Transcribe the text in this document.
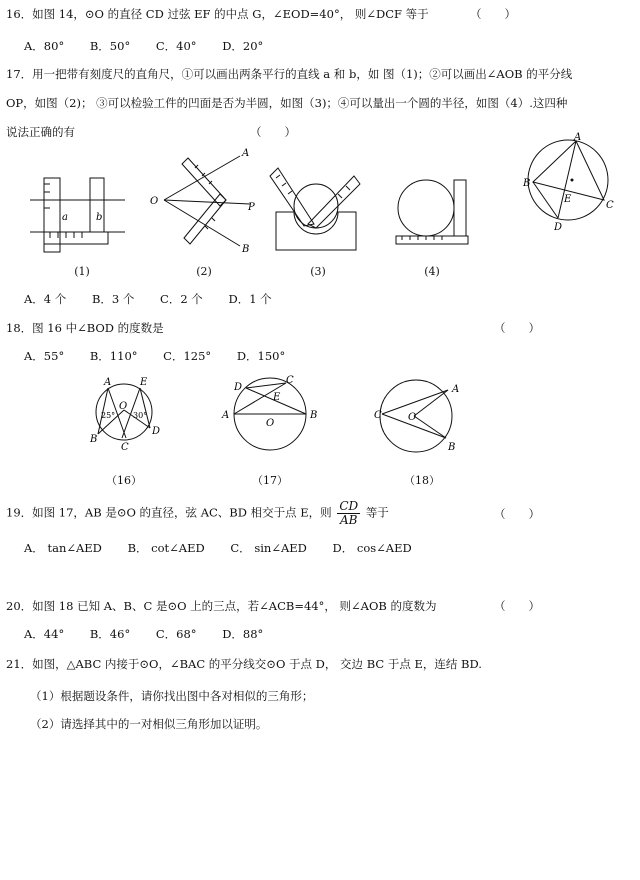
16．如图 14，⊙O 的直径 CD 过弦 EF 的中点 G，∠EOD=40°， 则∠DCF 等于	（　　）
A．80° B．50° C．40° D．20°
17．用一把带有刻度尺的直角尺，①可以画出两条平行的直线 a 和 b，如 图（1)；②可以画出∠AOB 的平分线
OP，如图（2)； ③可以检验工件的凹面是否为半圆，如图（3)；④可以量出一个圆的半径，如图（4）.这四种
说法正确的有	（　　）
a	b
(1)
O
A
B
P
(2)	(3)	(4)
A
B
C
D
E
A．4 个 B．3 个 C．2 个 D．1 个
18．图 16 中∠BOD 的度数是	（　　）
A．55° B．110° C．125° D．150°
A	E
O
B
D
C
25° 30°
（16）
D
C
E
A
O
B
（17）
A
C	O
B
（18）
19．如图 17，AB 是⊙O 的直径，弦 AC、BD 相交于点 E，则 $\frac{CD}{AB}$ 等于	（　　）
A． tan∠AED B． cot∠AED C． sin∠AED D． cos∠AED
20．如图 18 已知 A、B、C 是⊙O 上的三点，若∠ACB=44°， 则∠AOB 的度数为	（　　）
A．44° B．46° C．68° D．88°
21．如图，△ABC 内接于⊙O，∠BAC 的平分线交⊙O 于点 D， 交边 BC 于点 E，连结 BD.
（1）根据题设条件，请你找出图中各对相似的三角形；
（2）请选择其中的一对相似三角形加以证明。
